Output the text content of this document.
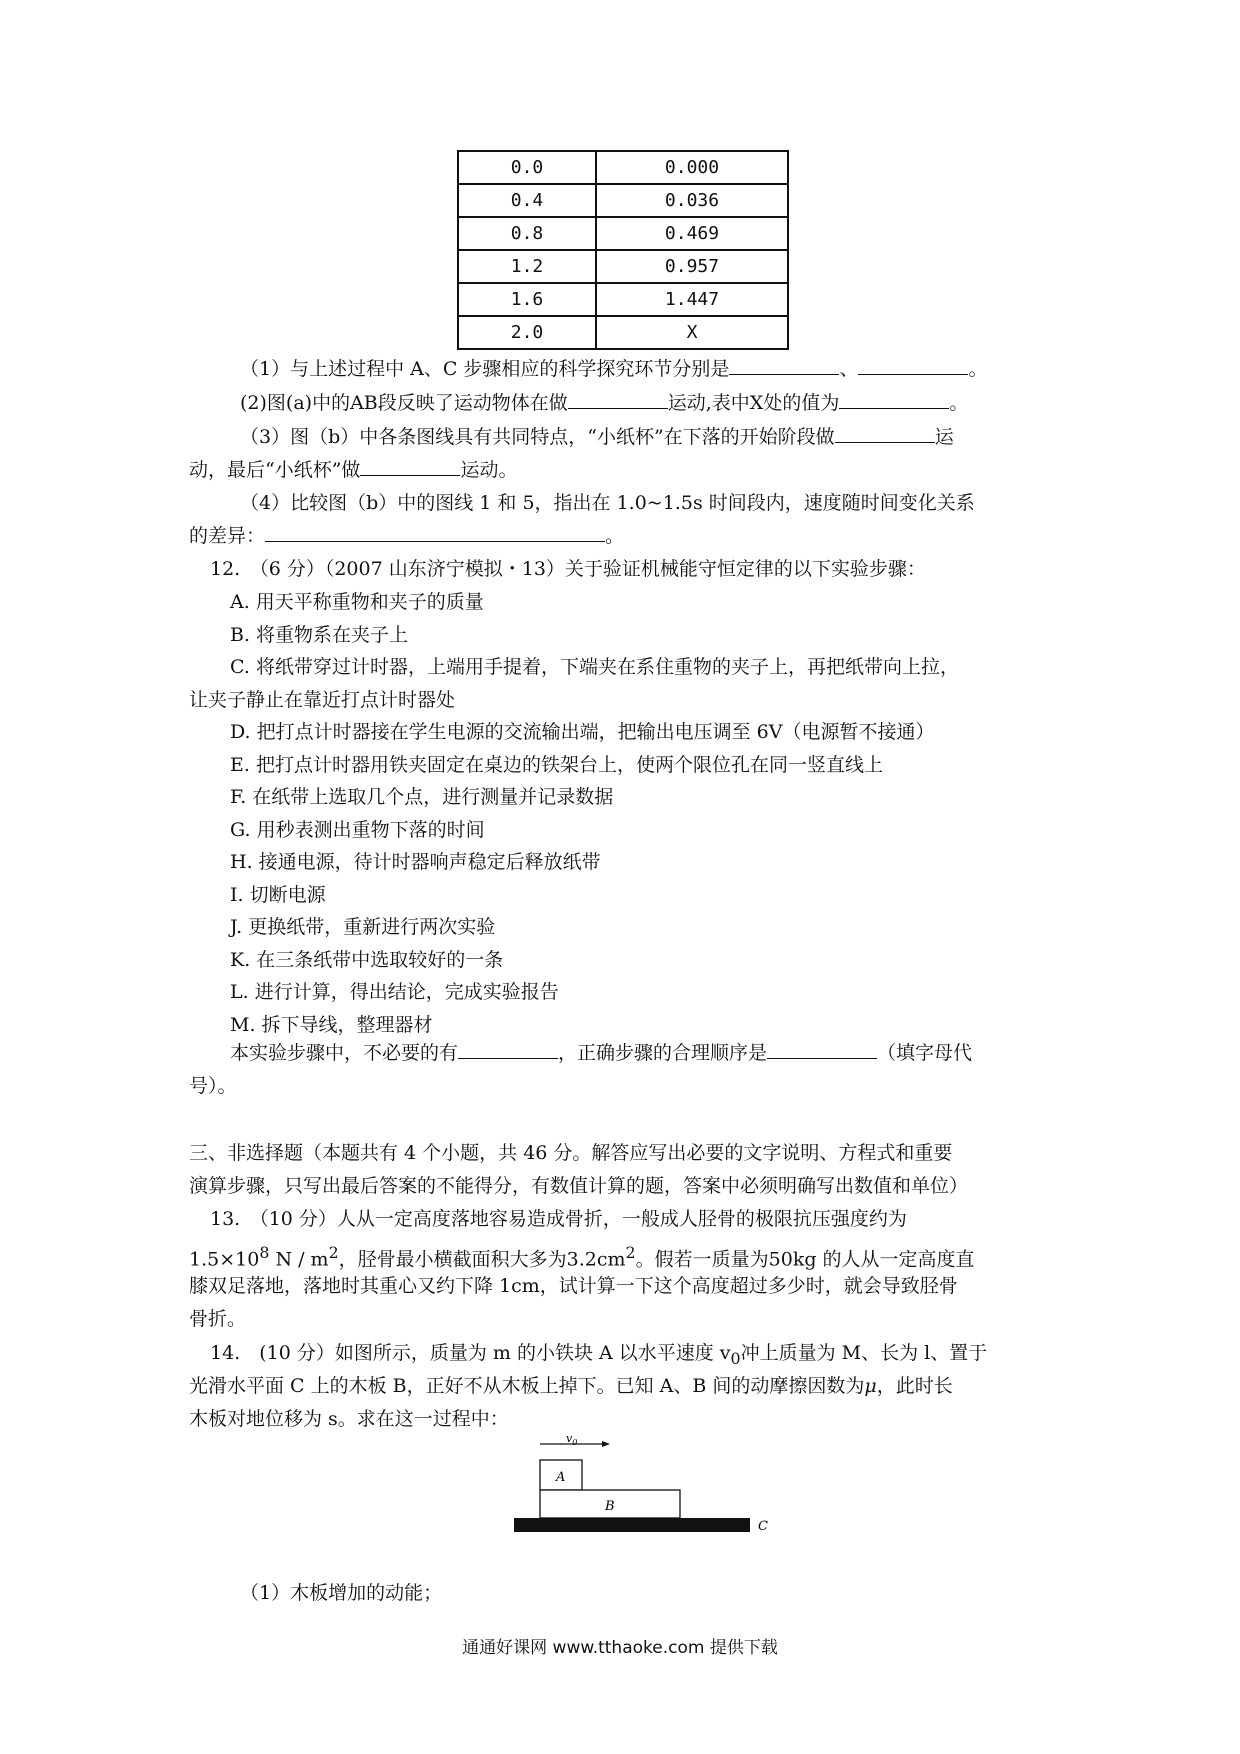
0.0	0.000
0.4	0.036
0.8	0.469
1.2	0.957
1.6	1.447
2.0	X
（1）与上述过程中 A、C 步骤相应的科学探究环节分别是	、	。
(2)图(a)中的AB段反映了运动物体在做	运动,表中X处的值为	。
（3）图（b）中各条图线具有共同特点，“小纸杯”在下落的开始阶段做	运
动，最后“小纸杯”做	运动。
（4）比较图（b）中的图线 1 和 5，指出在 1.0~1.5s 时间段内，速度随时间变化关系
的差异：	。
12.　（6 分）（2007 山东济宁模拟・13）关于验证机械能守恒定律的以下实验步骤：
A. 用天平称重物和夹子的质量
B. 将重物系在夹子上
C. 将纸带穿过计时器，上端用手提着，下端夹在系住重物的夹子上，再把纸带向上拉，
让夹子静止在靠近打点计时器处
D. 把打点计时器接在学生电源的交流输出端，把输出电压调至 6V（电源暂不接通）
E. 把打点计时器用铁夹固定在桌边的铁架台上，使两个限位孔在同一竖直线上
F. 在纸带上选取几个点，进行测量并记录数据
G. 用秒表测出重物下落的时间
H. 接通电源，待计时器响声稳定后释放纸带
I. 切断电源
J. 更换纸带，重新进行两次实验
K. 在三条纸带中选取较好的一条
L. 进行计算，得出结论，完成实验报告
M. 拆下导线，整理器材
本实验步骤中，不必要的有	，正确步骤的合理顺序是	（填字母代
号）。
三、非选择题（本题共有 4 个小题，共 46 分。解答应写出必要的文字说明、方程式和重要
演算步骤，只写出最后答案的不能得分，有数值计算的题，答案中必须明确写出数值和单位）
13.　（10 分）人从一定高度落地容易造成骨折，一般成人胫骨的极限抗压强度约为
$1.5\times 10^8$ N / $m^2$，胫骨最小横截面积大多为$3.2cm^2$。假若一质量为50kg 的人从一定高度直
膝双足落地，落地时其重心又约下降 1cm，试计算一下这个高度超过多少时，就会导致胫骨
骨折。
14.　(10 分）如图所示，质量为 m 的小铁块 A 以水平速度 $v_0$冲上质量为 M、长为 l、置于
光滑水平面 C 上的木板 B，正好不从木板上掉下。已知 A、B 间的动摩擦因数为μ，此时长
木板对地位移为 s。求在这一过程中：
$v_0$
A
B
C
（1）木板增加的动能；
通通好课网 www.tthaoke.com 提供下载
